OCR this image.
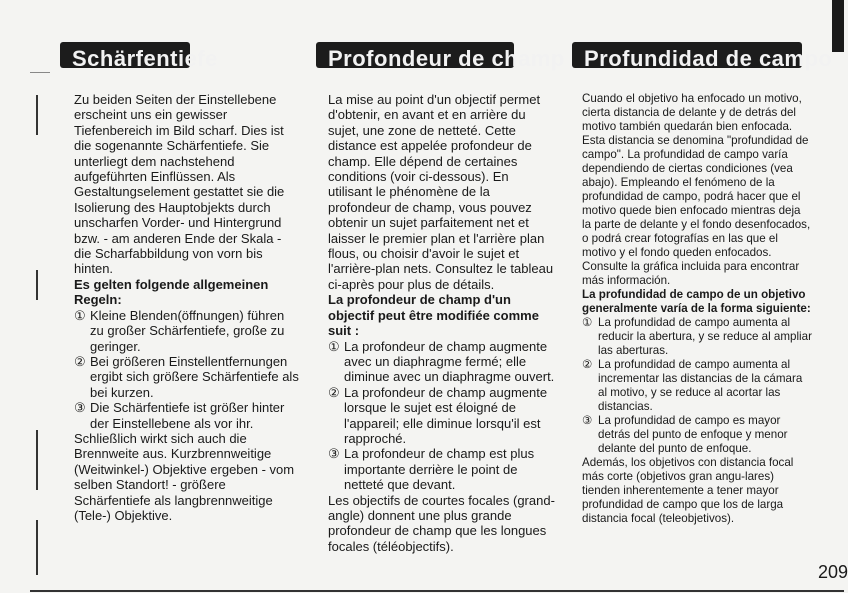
Schärfentiefe	Profondeur de champ Profundidad de campo

Zu beiden Seiten der Einstellebene erscheint uns ein gewisser Tiefenbereich im Bild scharf. Dies ist die sogenannte Schärfentiefe. Sie unterliegt dem nachstehend aufgeführten Einflüssen. Als Gestaltungselement gestattet sie die Isolierung des Hauptobjekts durch unscharfen Vorder- und Hintergrund bzw. - am anderen Ende der Skala - die Scharfabbildung von vorn bis hinten.

Es gelten folgende allgemeinen Regeln:

① Kleine Blenden(öffnungen) führen zu großer Schärfentiefe, große zu geringer.
② Bei größeren Einstellentfernungen ergibt sich größere Schärfentiefe als bei kurzen.
③ Die Schärfentiefe ist größer hinter der Einstellebene als vor ihr.

Schließlich wirkt sich auch die Brennweite aus. Kurzbrennweitige (Weitwinkel-) Objektive ergeben - vom selben Standort! - größere Schärfentiefe als langbrennweitige (Tele-) Objektive.

La mise au point d'un objectif permet d'obtenir, en avant et en arrière du sujet, une zone de netteté. Cette distance est appelée profondeur de champ. Elle dépend de certaines conditions (voir ci-dessous). En utilisant le phénomène de la profondeur de champ, vous pouvez obtenir un sujet parfaitement net et laisser le premier plan et l'arrière plan flous, ou choisir d'avoir le sujet et l'arrière-plan nets. Consultez le tableau ci-après pour plus de détails.

La profondeur de champ d'un objectif peut être modifiée comme suit :

① La profondeur de champ augmente avec un diaphragme fermé; elle diminue avec un diaphragme ouvert.
② La profondeur de champ augmente lorsque le sujet est éloigné de l'appareil; elle diminue lorsqu'il est rapproché.
③ La profondeur de champ est plus importante derrière le point de netteté que devant.

Les objectifs de courtes focales (grand-angle) donnent une plus grande profondeur de champ que les longues focales (téléobjectifs).

Cuando el objetivo ha enfocado un motivo, cierta distancia de delante y de detrás del motivo también quedarán bien enfocada. Esta distancia se denomina "profundidad de campo". La profundidad de campo varía dependiendo de ciertas condiciones (vea abajo). Empleando el fenómeno de la profundidad de campo, podrá hacer que el motivo quede bien enfocado mientras deja la parte de delante y el fondo desenfocados, o podrá crear fotografías en las que el motivo y el fondo queden enfocados. Consulte la gráfica incluida para encontrar más información.

La profundidad de campo de un objetivo generalmente varía de la forma siguiente:

① La profundidad de campo aumenta al reducir la abertura, y se reduce al ampliar las aberturas.
② La profundidad de campo aumenta al incrementar las distancias de la cámara al motivo, y se reduce al acortar las distancias.
③ La profundidad de campo es mayor detrás del punto de enfoque y menor delante del punto de enfoque.

Además, los objetivos con distancia focal más corte (objetivos gran angu-lares) tienden inherentemente a tener mayor profundidad de campo que los de larga distancia focal (teleobjetivos).

209
